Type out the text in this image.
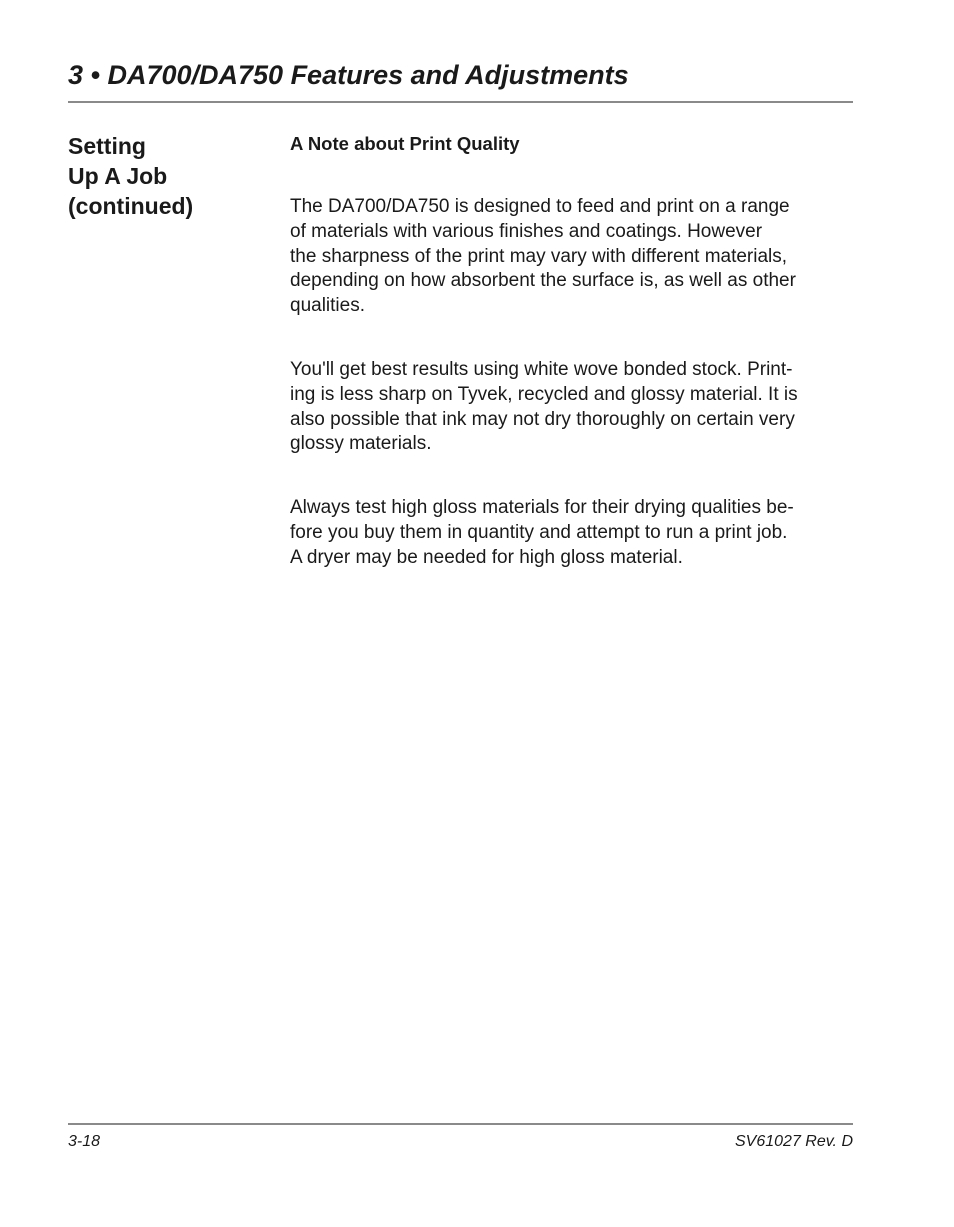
3 • DA700/DA750 Features and Adjustments
Setting
Up A Job
(continued)
A Note about Print Quality

The DA700/DA750 is designed to feed and print on a range
of materials with various finishes and coatings. However
the sharpness of the print may vary with different materials,
depending on how absorbent the surface is, as well as other
qualities.

You'll get best results using white wove bonded stock. Print-
ing is less sharp on Tyvek, recycled and glossy material. It is
also possible that ink may not dry thoroughly on certain very
glossy materials.

Always test high gloss materials for their drying qualities be-
fore you buy them in quantity and attempt to run a print job.
A dryer may be needed for high gloss material.

3-18	SV61027 Rev. D
